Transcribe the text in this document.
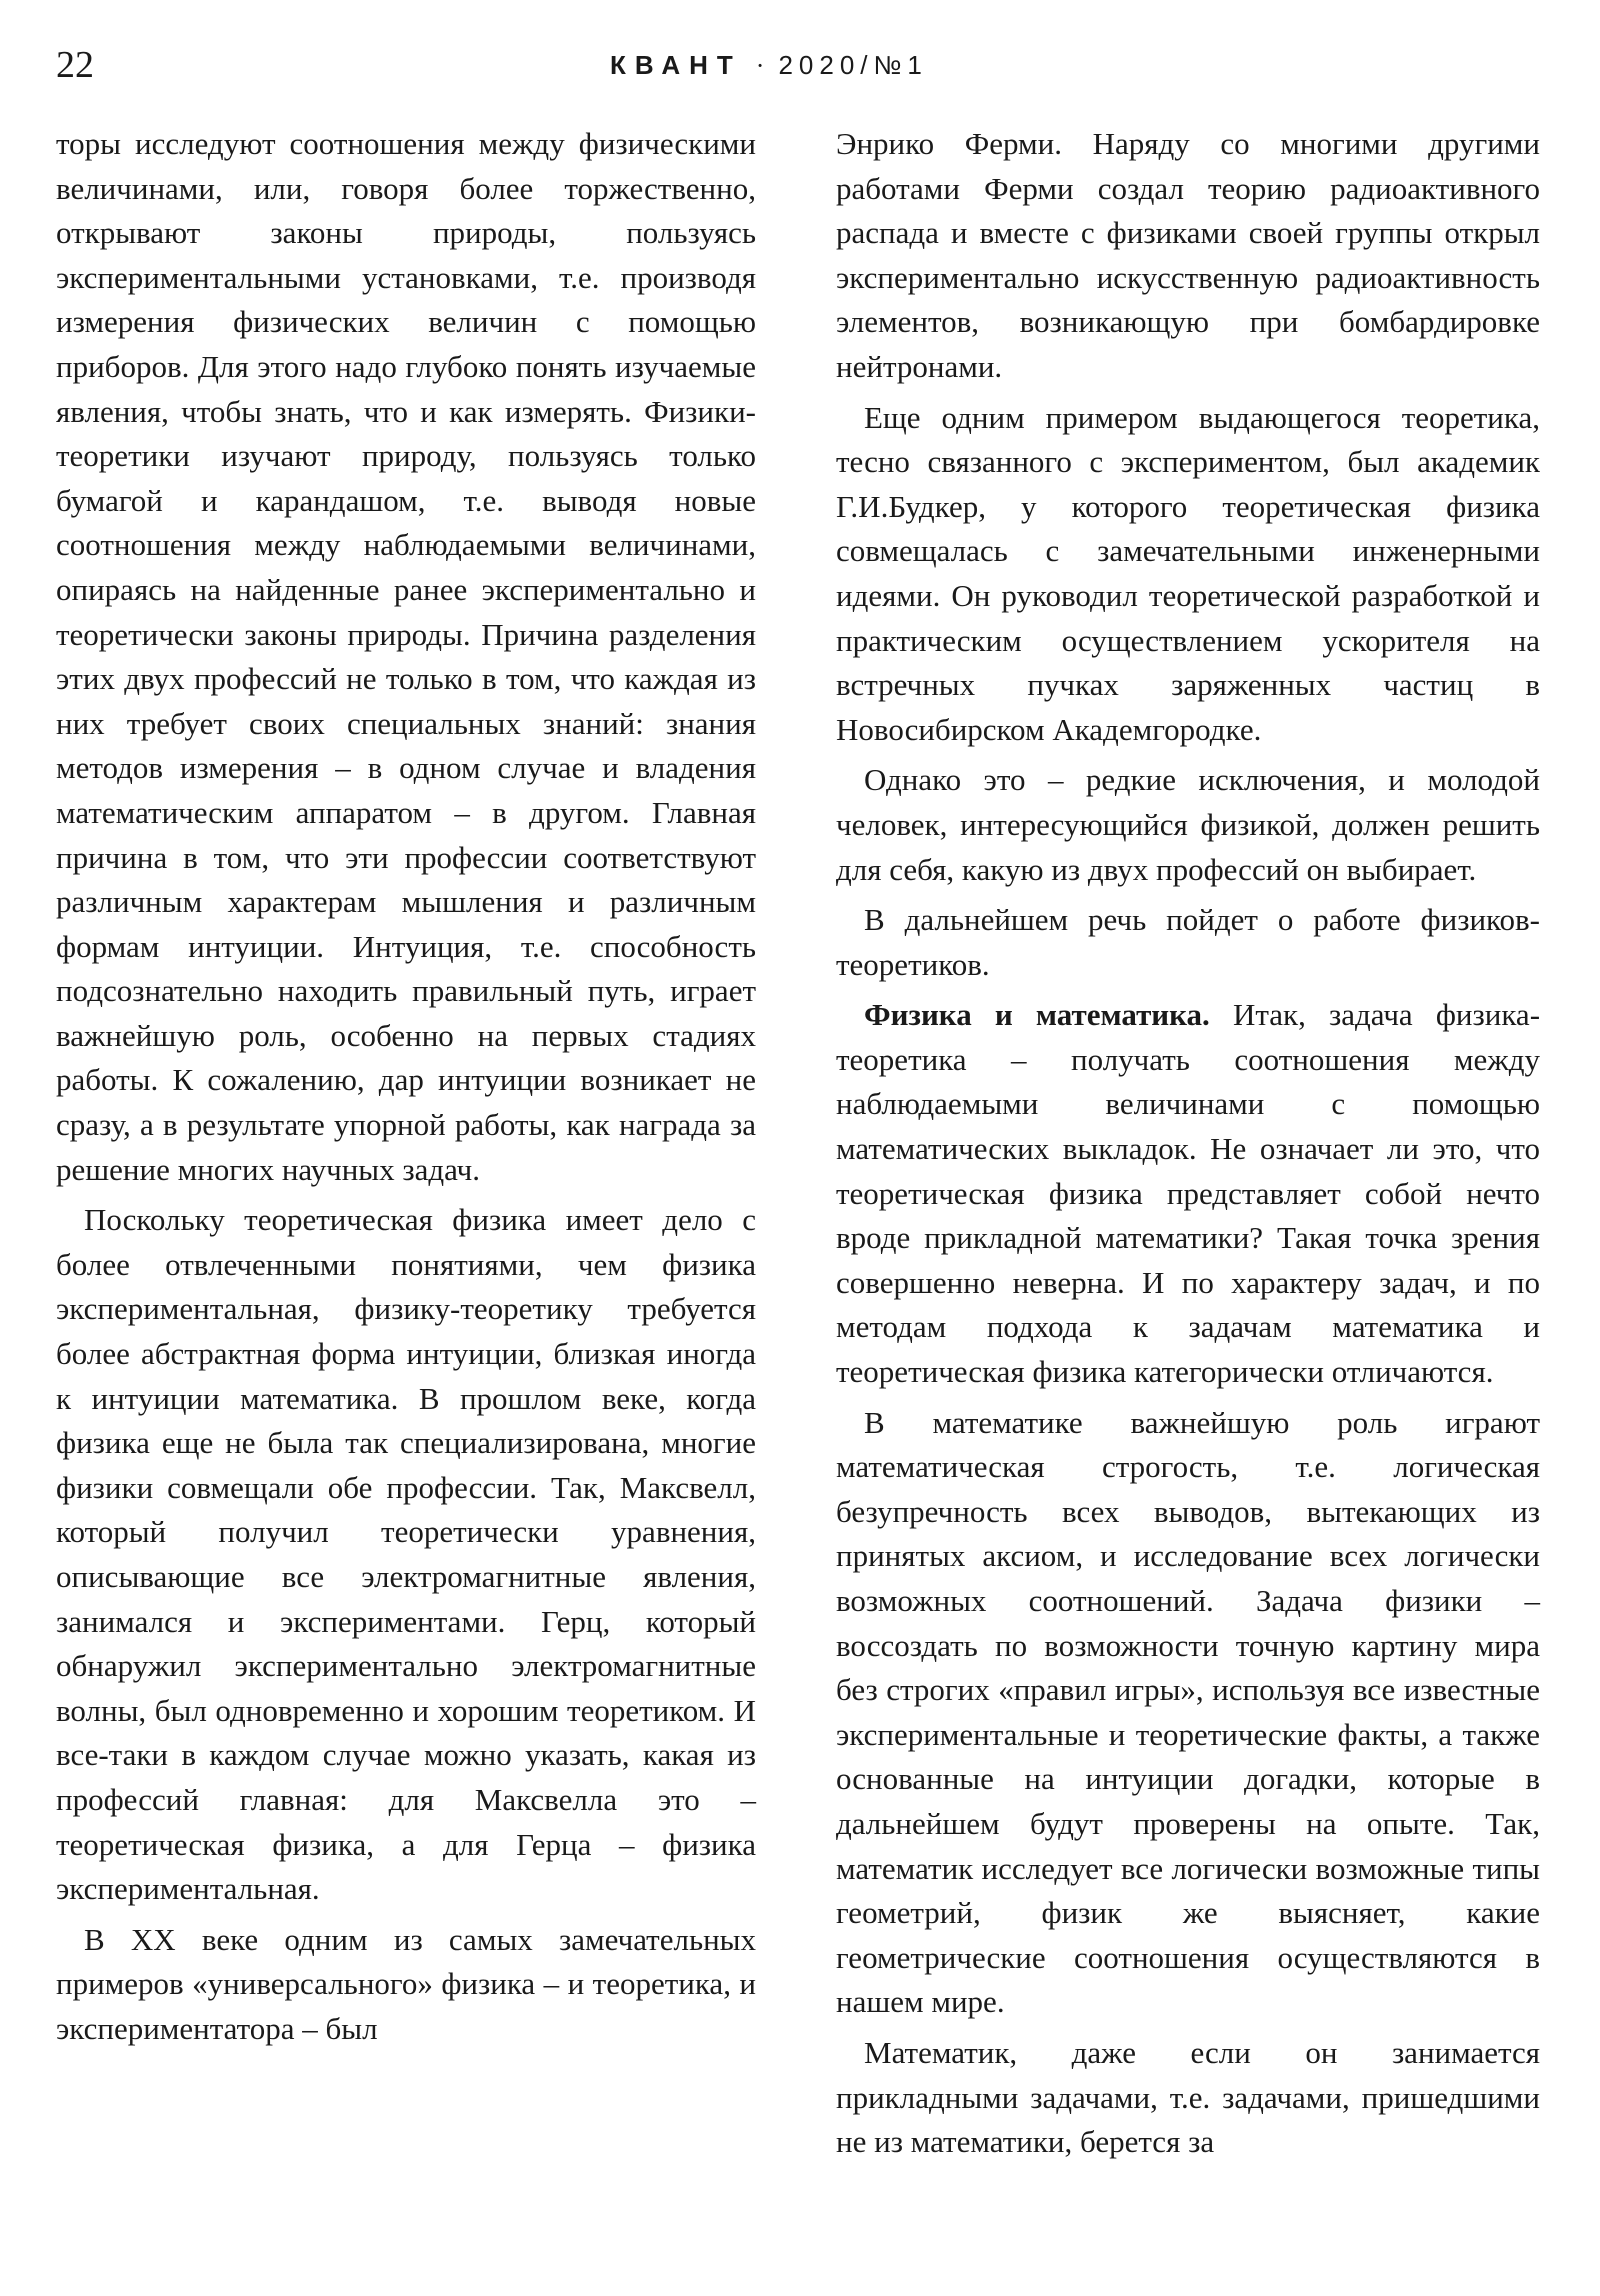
22	КВАНТ · 2020/№1

торы исследуют соотношения между физическими величинами, или, говоря более торжественно, открывают законы природы, пользуясь экспериментальными установками, т.е. производя измерения физических величин с помощью приборов. Для этого надо глубоко понять изучаемые явления, чтобы знать, что и как измерять. Физики-теоретики изучают природу, пользуясь только бумагой и карандашом, т.е. выводя новые соотношения между наблюдаемыми величинами, опираясь на найденные ранее экспериментально и теоретически законы природы. Причина разделения этих двух профессий не только в том, что каждая из них требует своих специальных знаний: знания методов измерения – в одном случае и владения математическим аппаратом – в другом. Главная причина в том, что эти профессии соответствуют различным характерам мышления и различным формам интуиции. Интуиция, т.е. способность подсознательно находить правильный путь, играет важнейшую роль, особенно на первых стадиях работы. К сожалению, дар интуиции возникает не сразу, а в результате упорной работы, как награда за решение многих научных задач.

Поскольку теоретическая физика имеет дело с более отвлеченными понятиями, чем физика экспериментальная, физику-теоретику требуется более абстрактная форма интуиции, близкая иногда к интуиции математика. В прошлом веке, когда физика еще не была так специализирована, многие физики совмещали обе профессии. Так, Максвелл, который получил теоретически уравнения, описывающие все электромагнитные явления, занимался и экспериментами. Герц, который обнаружил экспериментально электромагнитные волны, был одновременно и хорошим теоретиком. И все-таки в каждом случае можно указать, какая из профессий главная: для Максвелла это – теоретическая физика, а для Герца – физика экспериментальная.

В XX веке одним из самых замечательных примеров «универсального» физика – и теоретика, и экспериментатора – был

Энрико Ферми. Наряду со многими другими работами Ферми создал теорию радиоактивного распада и вместе с физиками своей группы открыл экспериментально искусственную радиоактивность элементов, возникающую при бомбардировке нейтронами.

Еще одним примером выдающегося теоретика, тесно связанного с экспериментом, был академик Г.И.Будкер, у которого теоретическая физика совмещалась с замечательными инженерными идеями. Он руководил теоретической разработкой и практическим осуществлением ускорителя на встречных пучках заряженных частиц в Новосибирском Академгородке.

Однако это – редкие исключения, и молодой человек, интересующийся физикой, должен решить для себя, какую из двух профессий он выбирает.

В дальнейшем речь пойдет о работе физиков-теоретиков.

Физика и математика. Итак, задача физика-теоретика – получать соотношения между наблюдаемыми величинами с помощью математических выкладок. Не означает ли это, что теоретическая физика представляет собой нечто вроде прикладной математики? Такая точка зрения совершенно неверна. И по характеру задач, и по методам подхода к задачам математика и теоретическая физика категорически отличаются.

В математике важнейшую роль играют математическая строгость, т.е. логическая безупречность всех выводов, вытекающих из принятых аксиом, и исследование всех логически возможных соотношений. Задача физики – воссоздать по возможности точную картину мира без строгих «правил игры», используя все известные экспериментальные и теоретические факты, а также основанные на интуиции догадки, которые в дальнейшем будут проверены на опыте. Так, математик исследует все логически возможные типы геометрий, физик же выясняет, какие геометрические соотношения осуществляются в нашем мире.

Математик, даже если он занимается прикладными задачами, т.е. задачами, пришедшими не из математики, берется за
